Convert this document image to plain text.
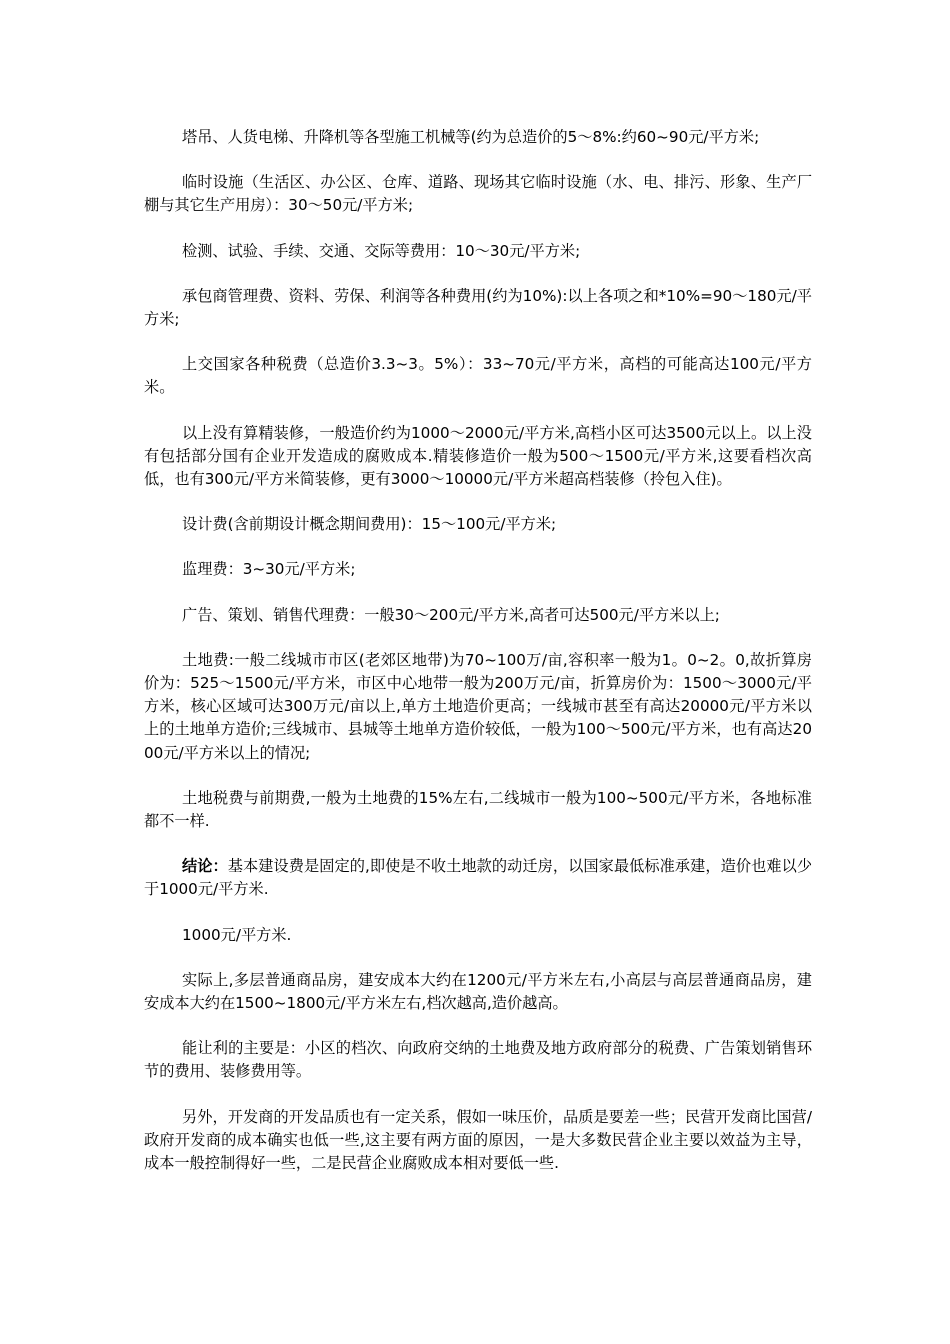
塔吊、人货电梯、升降机等各型施工机械等(约为总造价的5～8%:约60~90元/平方米;

临时设施（生活区、办公区、仓库、道路、现场其它临时设施（水、电、排污、形象、生产厂棚与其它生产用房）：30～50元/平方米;

检测、试验、手续、交通、交际等费用：10～30元/平方米;

承包商管理费、资料、劳保、利润等各种费用(约为10%):以上各项之和*10%=90～180元/平方米;

上交国家各种税费（总造价3.3~3。5%）：33~70元/平方米，高档的可能高达100元/平方米。

以上没有算精装修，一般造价约为1000～2000元/平方米,高档小区可达3500元以上。以上没有包括部分国有企业开发造成的腐败成本.精装修造价一般为500～1500元/平方米,这要看档次高低，也有300元/平方米简装修，更有3000～10000元/平方米超高档装修（拎包入住)。

设计费(含前期设计概念期间费用)：15～100元/平方米;

监理费：3~30元/平方米;

广告、策划、销售代理费：一般30～200元/平方米,高者可达500元/平方米以上;

土地费:一般二线城市市区(老郊区地带)为70~100万/亩,容积率一般为1。0~2。0,故折算房价为：525～1500元/平方米，市区中心地带一般为200万元/亩，折算房价为：1500～3000元/平方米，核心区域可达300万元/亩以上,单方土地造价更高；一线城市甚至有高达20000元/平方米以上的土地单方造价;三线城市、县城等土地单方造价较低，一般为100～500元/平方米，也有高达2000元/平方米以上的情况;

土地税费与前期费,一般为土地费的15%左右,二线城市一般为100~500元/平方米，各地标准都不一样.

结论：基本建设费是固定的,即使是不收土地款的动迁房，以国家最低标准承建，造价也难以少于1000元/平方米.

1000元/平方米.

实际上,多层普通商品房，建安成本大约在1200元/平方米左右,小高层与高层普通商品房，建安成本大约在1500~1800元/平方米左右,档次越高,造价越高。

能让利的主要是：小区的档次、向政府交纳的土地费及地方政府部分的税费、广告策划销售环节的费用、装修费用等。

另外，开发商的开发品质也有一定关系，假如一味压价，品质是要差一些；民营开发商比国营/政府开发商的成本确实也低一些,这主要有两方面的原因，一是大多数民营企业主要以效益为主导，成本一般控制得好一些，二是民营企业腐败成本相对要低一些.
